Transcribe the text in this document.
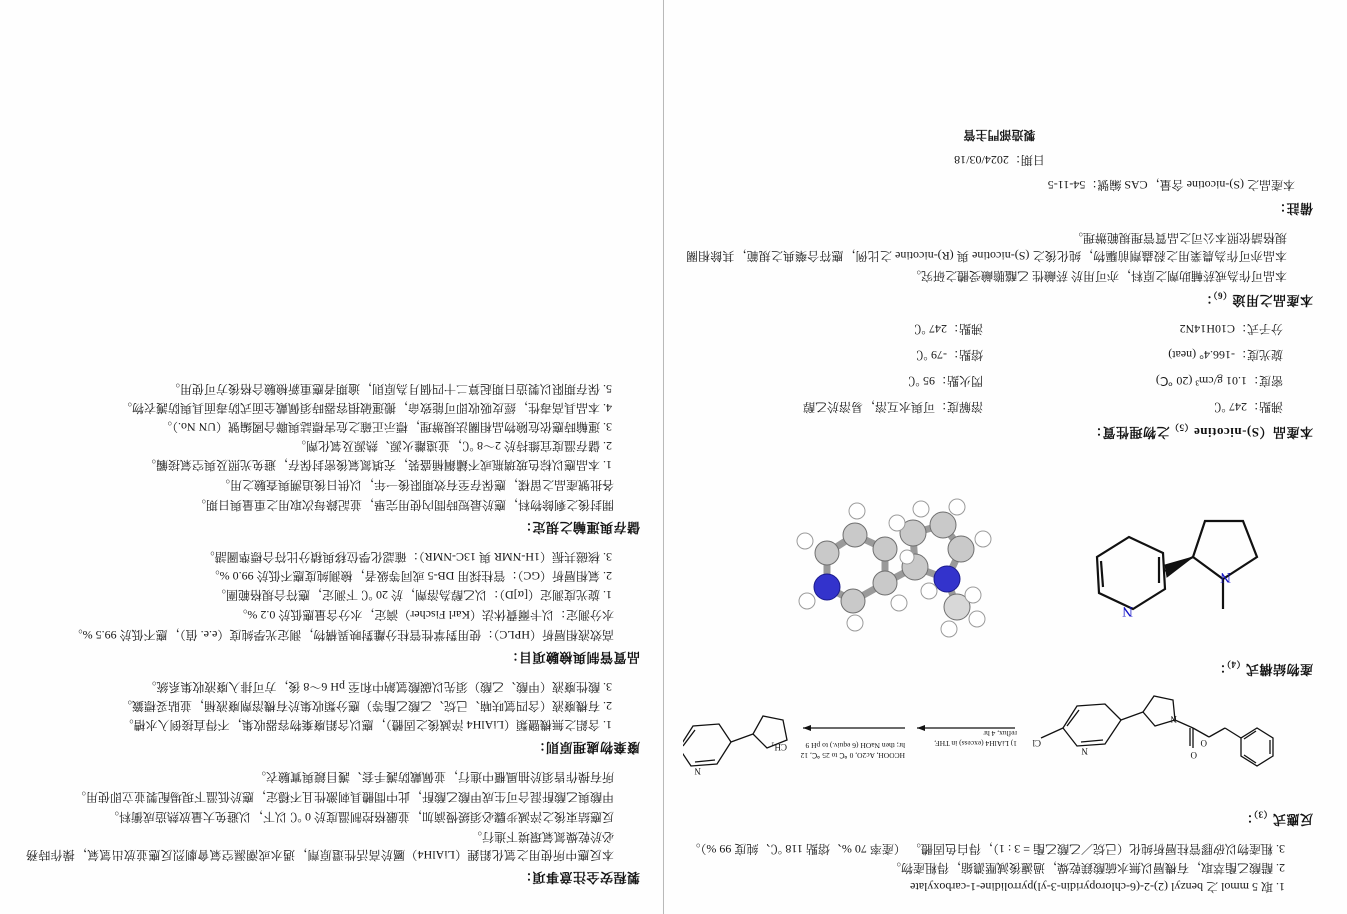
1. 取 5 mmol 之 benzyl (2)-2-(6-chloropyridin-3-yl)pyrrolidine-1-carboxylate
2. 醋酸乙酯萃取，有機層以無水硫酸鎂乾燥，過濾後減壓濃縮，得粗產物。
3. 粗產物以矽膠管柱層析純化（己烷／乙酸乙酯 = 3 : 1），得白色固體。 （產率 70 %、熔點 118 ℃、純度 99 %）。
反應式$_{(3)}$：
O
O
N
N
Cl
CH₃
N
1) LiAlH4 (excess) in THF, reflux, 4 hr
HCOOH, Ac2O, 0 ℃ to 25 ℃, 12 hr; then NaOH (6 equiv.) to pH 9
產物結構式$_{(4)}$：
N
N
本產品（S)-nicotine$_{(5)}$之物理性質：
沸點：247 ℃
溶解度：可與水互溶，易溶於乙醇
密度：1.01 g/cm³ (20 ℃)
閃火點：95 ℃
旋光度：-166.4° (neat)
熔點：-79 ℃
分子式：C10H14N2
沸點：247 ℃
本產品之用途$_{(6)}$：

本品可作為戒菸輔助劑之原料，亦可用於 菸鹼性 乙醯膽鹼受體之研究。

本品亦可作為農業用之殺蟲劑前驅物，純化後之 (S)-nicotine 與 (R)-nicotine 之比例，應符合藥典之規範，其餘相關規格請依照本公司之品質管理規範辦理。

備註：
本產品之 (S)-nicotine 含量，CAS 編號：54-11-5
日期：2024/03/18
製造部門主管
製程安全注意事項：

本反應中所使用之氫化鋁鋰（LiAlH4）屬於高活性還原劑，遇水或潮濕空氣會劇烈反應並放出氫氣，操作時務必於乾燥氮氣環境下進行。

反應結束後之淬滅步驟必須緩慢滴加，並嚴格控制溫度於 0 ℃ 以下，以避免大量放熱造成衝料。

甲酸與乙酸酐混合可生成甲酸乙酸酐，此中間體具刺激性且不穩定，應於低溫下現場配製並立即使用。

所有操作皆須於抽風櫃中進行，並佩戴防護手套、護目鏡與實驗衣。

廢棄物處理原則：
1. 含鋁之無機鹽類（LiAlH4 淬滅後之固體），應以含鋁廢棄物容器收集，不得直接倒入水槽。
2. 有機廢液（含四氫呋喃、己烷、乙酸乙酯等）應分類收集於有機溶劑廢液桶，並貼妥標籤。
3. 酸性廢液（甲酸、乙酸）須先以碳酸氫鈉中和至 pH 6～8 後，方可排入廢液收集系統。
品質管制與檢驗項目：

高效液相層析（HPLC）：使用對掌性管柱分離對映異構物，測定光學純度（e.e. 值），應不低於 99.5 %。

水分測定：以卡爾費休法（Karl Fischer）滴定，水分含量應低於 0.2 %。

1. 旋光度測定（[α]D）：以乙醇為溶劑，於 20 ℃ 下測定，應符合規格範圍。
2. 氣相層析（GC）：管柱採用 DB-5 或同等級者，檢測純度應不低於 99.0 %。
3. 核磁共振（1H-NMR 與 13C-NMR）：確認化學位移與積分比符合標準圖譜。
儲存與運輸之規定：

開封後之剩餘物料，應於最短時間內使用完畢，並記錄每次取用之重量與日期。

各批號產品之留樣，應保存至有效期限後一年，以供日後追溯與查驗之用。

1. 本品應以棕色玻璃瓶或不鏽鋼桶盛裝，充填氮氣後密封保存，避免光照及與空氣接觸。
2. 儲存溫度宜維持於 2～8 ℃，並遠離火源、熱源及氧化劑。
3. 運輸時應依危險物品相關法規辦理，標示正確之危害標誌與聯合國編號（UN No.）。
4. 本品具高毒性，經皮吸收即可能致命，搬運破損容器時須佩戴全面式防毒面具與防護衣物。
5. 保存期限以製造日期起算二十四個月為原則，逾期者應重新檢驗合格後方可使用。
